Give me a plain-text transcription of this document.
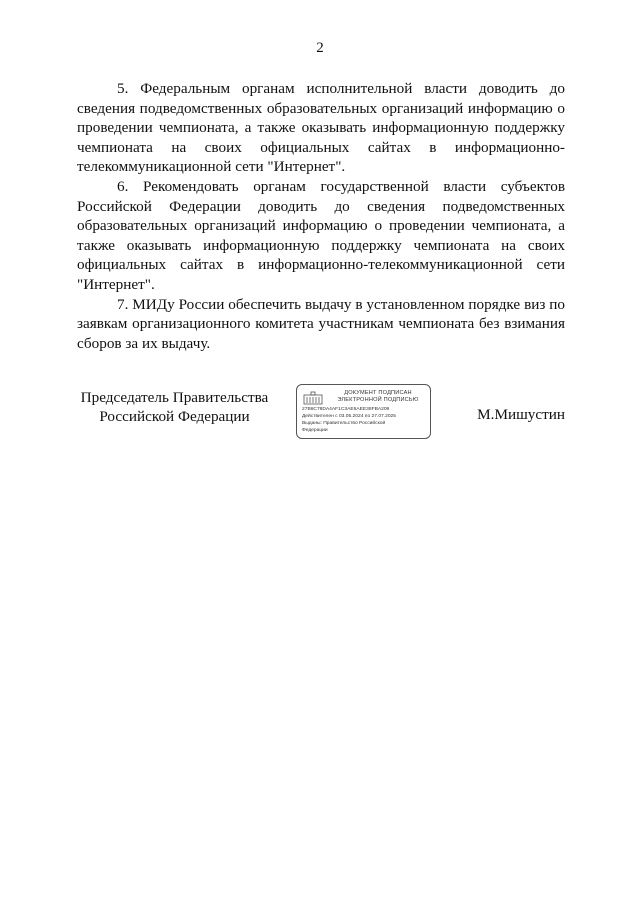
2

5. Федеральным органам исполнительной власти доводить до сведения подведомственных образовательных организаций информацию о проведении чемпионата, а также оказывать информационную поддержку чемпионата на своих официальных сайтах в информационно-телекоммуникационной сети "Интернет".

6. Рекомендовать органам государственной власти субъектов Российской Федерации доводить до сведения подведомственных образовательных организаций информацию о проведении чемпионата, а также оказывать информационную поддержку чемпионата на своих официальных сайтах в информационно-телекоммуникационной сети "Интернет".

7. МИДу России обеспечить выдачу в установленном порядке виз по заявкам организационного комитета участникам чемпионата без взимания сборов за их выдачу.

Председатель Правительства
Российской Федерации
ДОКУМЕНТ ПОДПИСАН
ЭЛЕКТРОННОЙ ПОДПИСЬЮ
27B6C78DA4AF1C3AE6AEE38FBA209
Действителен с 03.05.2024 по 27.07.2025
Выданы: Правительство Российской
Федерации
М.Мишустин
